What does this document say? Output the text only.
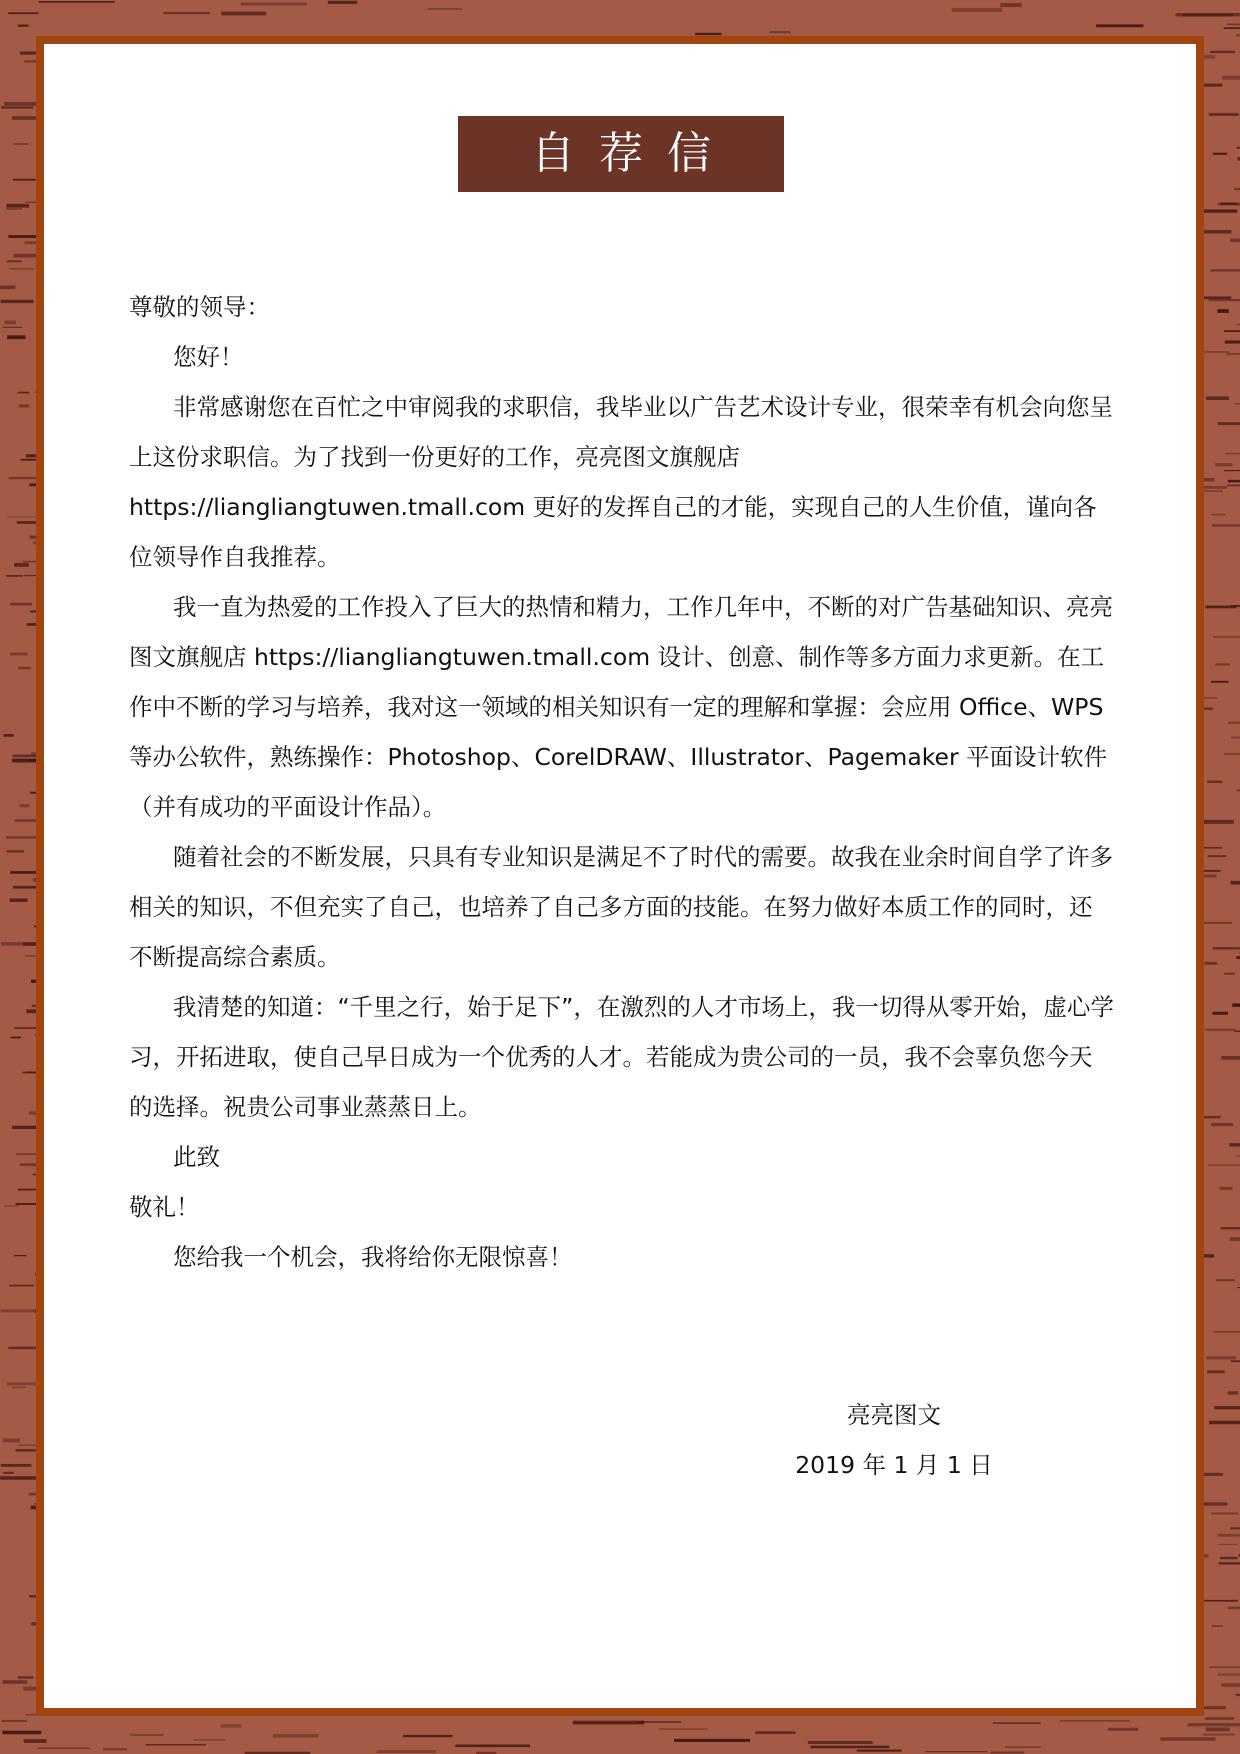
自荐信

尊敬的领导：

您好！

非常感谢您在百忙之中审阅我的求职信，我毕业以广告艺术设计专业，很荣幸有机会向您呈上这份求职信。为了找到一份更好的工作，亮亮图文旗舰店 https://liangliangtuwen.tmall.com 更好的发挥自己的才能，实现自己的人生价值，谨向各位领导作自我推荐。

我一直为热爱的工作投入了巨大的热情和精力，工作几年中，不断的对广告基础知识、亮亮图文旗舰店 https://liangliangtuwen.tmall.com 设计、创意、制作等多方面力求更新。在工作中不断的学习与培养，我对这一领域的相关知识有一定的理解和掌握：会应用 Office、WPS 等办公软件，熟练操作：Photoshop、CorelDRAW、Illustrator、Pagemaker 平面设计软件（并有成功的平面设计作品）。

随着社会的不断发展，只具有专业知识是满足不了时代的需要。故我在业余时间自学了许多相关的知识，不但充实了自己，也培养了自己多方面的技能。在努力做好本质工作的同时，还不断提高综合素质。

我清楚的知道：“千里之行，始于足下”，在激烈的人才市场上，我一切得从零开始，虚心学习，开拓进取，使自己早日成为一个优秀的人才。若能成为贵公司的一员，我不会辜负您今天的选择。祝贵公司事业蒸蒸日上。

此致

敬礼！

您给我一个机会，我将给你无限惊喜！

亮亮图文

2019 年 1 月 1 日
